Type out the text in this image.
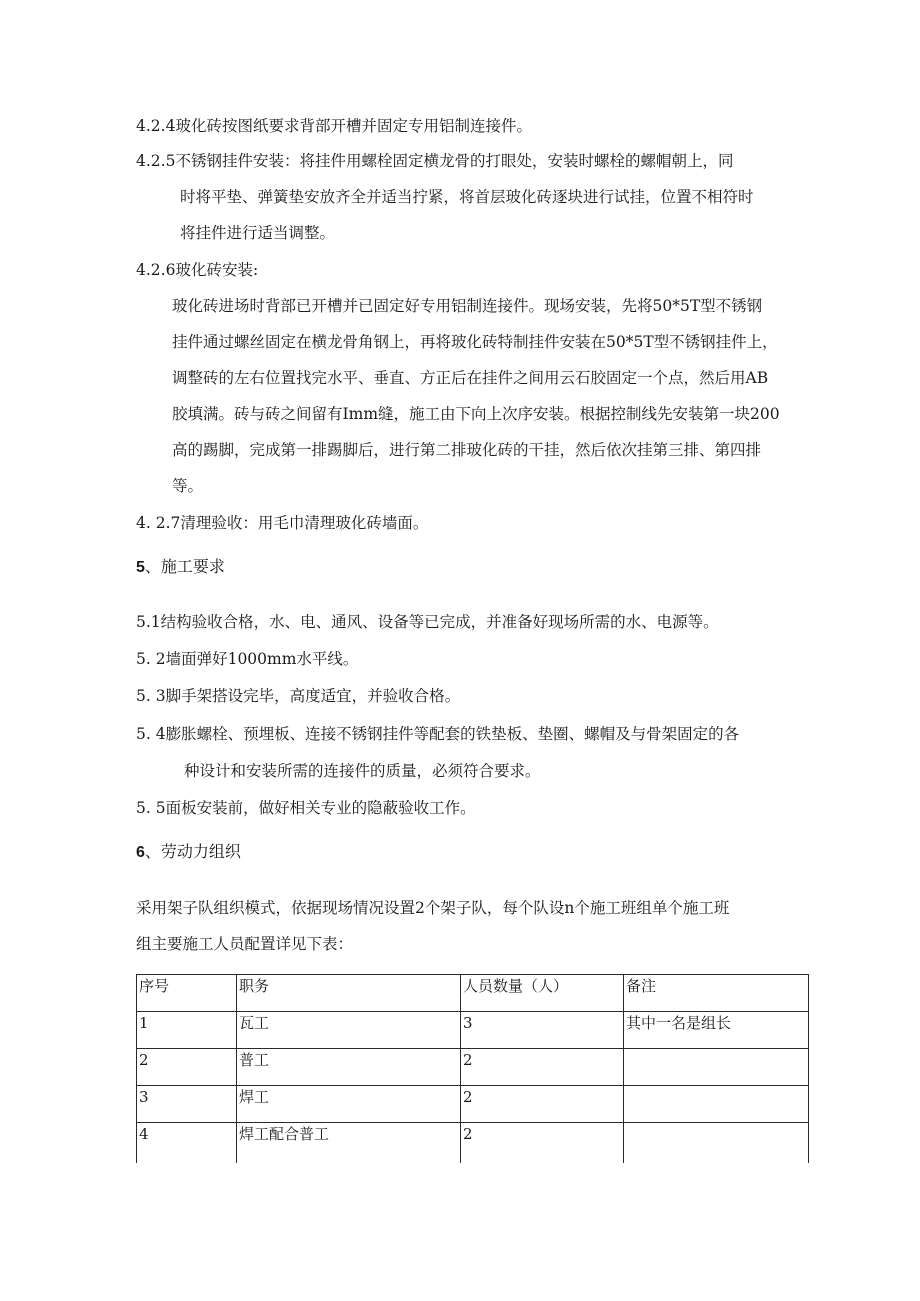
4.2.4玻化砖按图纸要求背部开槽并固定专用铝制连接件。
4.2.5不锈钢挂件安装：将挂件用螺栓固定横龙骨的打眼处，安装时螺栓的螺帽朝上，同
时将平垫、弹簧垫安放齐全并适当拧紧，将首层玻化砖逐块进行试挂，位置不相符时
将挂件进行适当调整。
4.2.6玻化砖安装:
玻化砖进场时背部已开槽并已固定好专用铝制连接件。现场安装，先将50*5T型不锈钢
挂件通过螺丝固定在横龙骨角钢上，再将玻化砖特制挂件安装在50*5T型不锈钢挂件上，
调整砖的左右位置找完水平、垂直、方正后在挂件之间用云石胶固定一个点，然后用AB
胶填满。砖与砖之间留有Imm缝，施工由下向上次序安装。根据控制线先安装第一块200
高的踢脚，完成第一排踢脚后，进行第二排玻化砖的干挂，然后依次挂第三排、第四排
等。
4. 2.7清理验收：用毛巾清理玻化砖墙面。
5、施工要求
5.1结构验收合格，水、电、通风、设备等已完成，并准备好现场所需的水、电源等。
5. 2墙面弹好1000mm水平线。
5. 3脚手架搭设完毕，高度适宜，并验收合格。
5. 4膨胀螺栓、预埋板、连接不锈钢挂件等配套的铁垫板、垫圈、螺帽及与骨架固定的各
种设计和安装所需的连接件的质量，必须符合要求。
5. 5面板安装前，做好相关专业的隐蔽验收工作。
6、劳动力组织
采用架子队组织模式，依据现场情况设置2个架子队，每个队设n个施工班组单个施工班
组主要施工人员配置详见下表：
序号	职务	人员数量（人）	备注
1	瓦工	3	其中一名是组长
2	普工	2	
3	焊工	2	
4	焊工配合普工	2	
